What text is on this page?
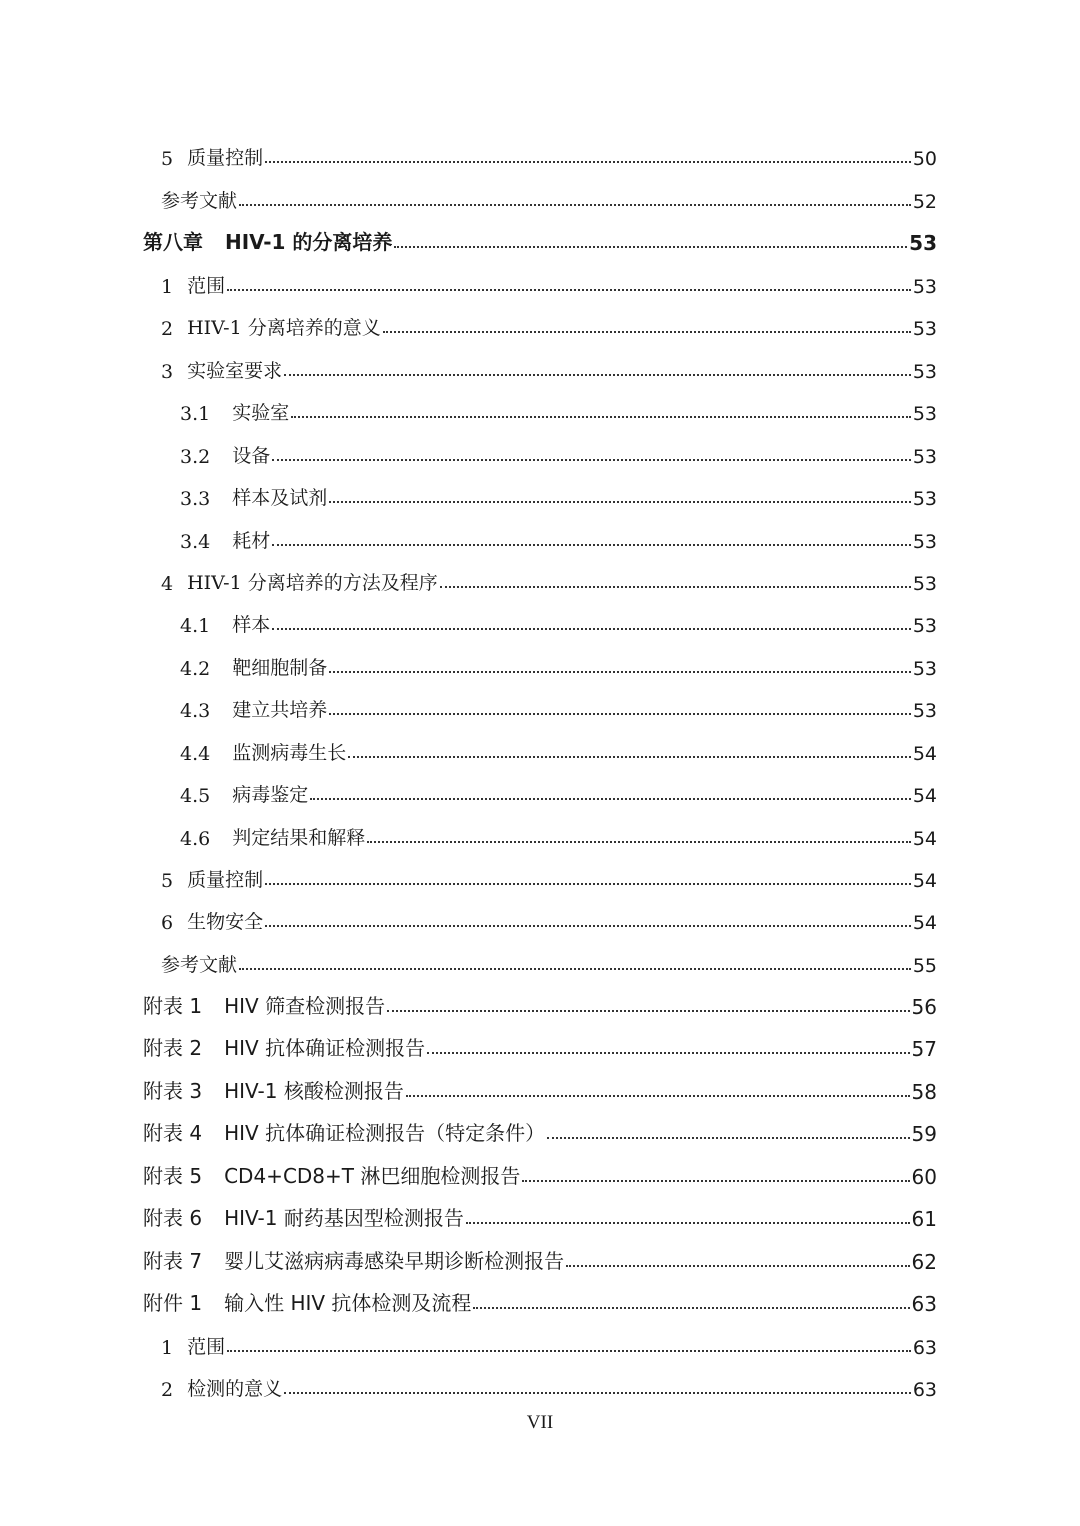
5 质量控制	50
参考文献	52
第八章 HIV-1 的分离培养	53
1 范围	53
2 HIV-1 分离培养的意义	53
3 实验室要求	53
3.1 实验室	53
3.2 设备	53
3.3 样本及试剂	53
3.4 耗材	53
4 HIV-1 分离培养的方法及程序	53
4.1 样本	53
4.2 靶细胞制备	53
4.3 建立共培养	53
4.4 监测病毒生长	54
4.5 病毒鉴定	54
4.6 判定结果和解释	54
5 质量控制	54
6 生物安全	54
参考文献	55
附表 1 HIV 筛查检测报告	56
附表 2 HIV 抗体确证检测报告	57
附表 3 HIV-1 核酸检测报告	58
附表 4 HIV 抗体确证检测报告（特定条件）	59
附表 5 CD4+CD8+T 淋巴细胞检测报告	60
附表 6 HIV-1 耐药基因型检测报告	61
附表 7 婴儿艾滋病病毒感染早期诊断检测报告	62
附件 1 输入性 HIV 抗体检测及流程	63
1 范围	63
2 检测的意义	63
VII
